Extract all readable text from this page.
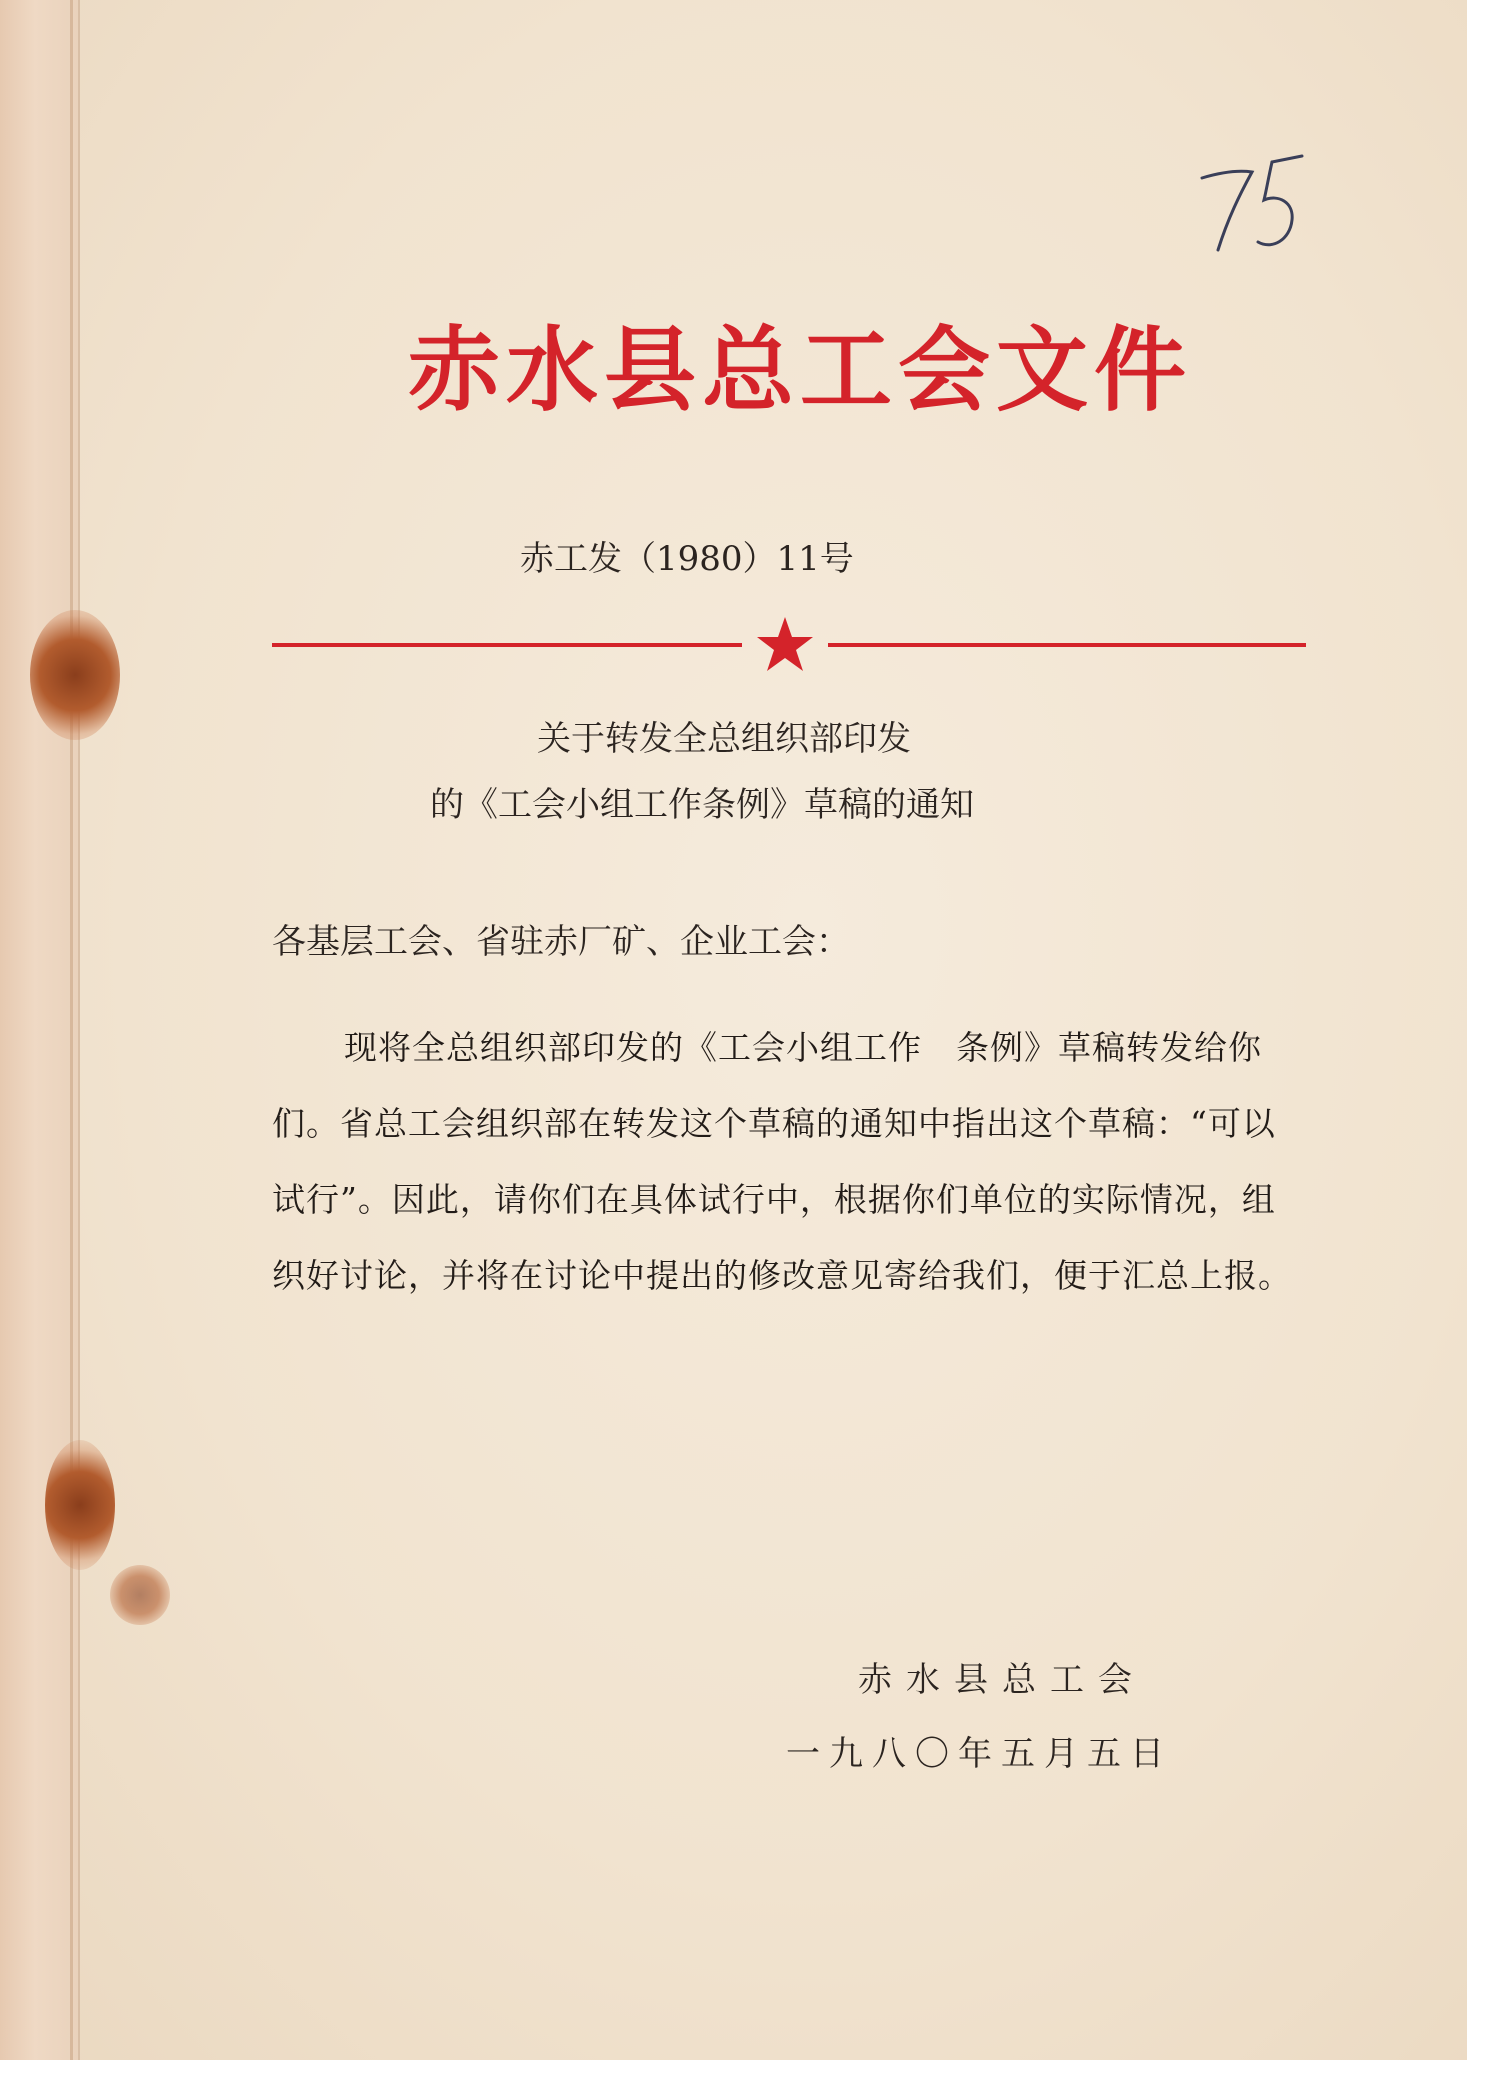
赤水县总工会文件
赤工发（1980）11号
关于转发全总组织部印发
的《工会小组工作条例》草稿的通知
各基层工会、省驻赤厂矿、企业工会：
现将全总组织部印发的《工会小组工作　条例》草稿转发给你们。省总工会组织部在转发这个草稿的通知中指出这个草稿：“可以试行”。因此，请你们在具体试行中，根据你们单位的实际情况，组织好讨论，并将在讨论中提出的修改意见寄给我们，便于汇总上报。
赤水县总工会
一九八〇年五月五日
